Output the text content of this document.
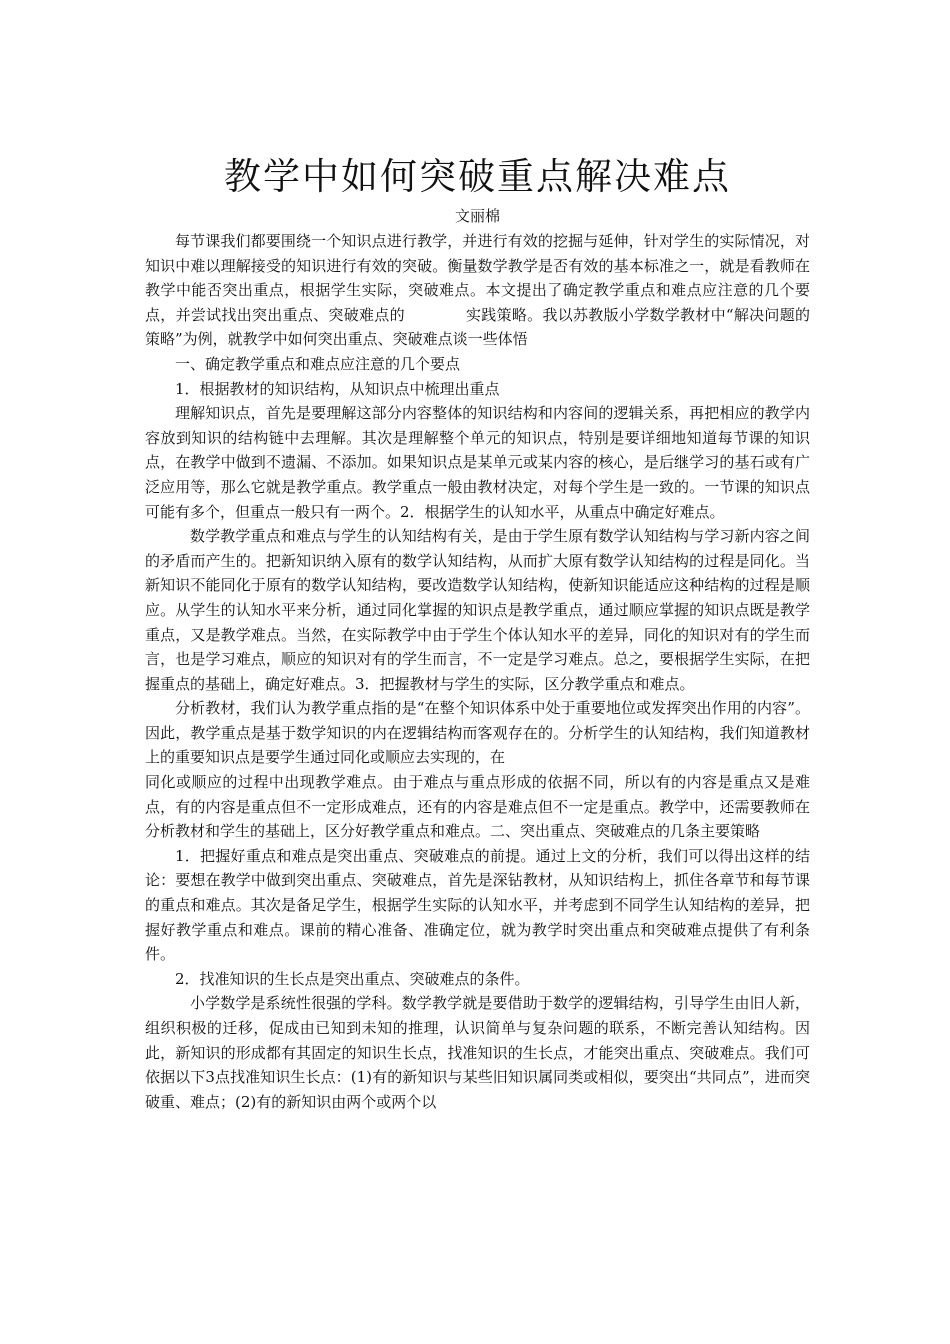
教学中如何突破重点解决难点
文丽棉

每节课我们都要围绕一个知识点进行教学，并进行有效的挖掘与延伸，针对学生的实际情况，对知识中难以理解接受的知识进行有效的突破。衡量数学教学是否有效的基本标准之一，就是看教师在教学中能否突出重点，根据学生实际，突破难点。本文提出了确定教学重点和难点应注意的几个要点，并尝试找出突出重点、突破难点的　　　　实践策略。我以苏教版小学数学教材中“解决问题的策略”为例，就教学中如何突出重点、突破难点谈一些体悟

一、确定教学重点和难点应注意的几个要点

1．根据教材的知识结构，从知识点中梳理出重点

理解知识点，首先是要理解这部分内容整体的知识结构和内容间的逻辑关系，再把相应的教学内容放到知识的结构链中去理解。其次是理解整个单元的知识点，特别是要详细地知道每节课的知识点，在教学中做到不遗漏、不添加。如果知识点是某单元或某内容的核心，是后继学习的基石或有广泛应用等，那么它就是教学重点。教学重点一般由教材决定，对每个学生是一致的。一节课的知识点可能有多个，但重点一般只有一两个。2．根据学生的认知水平，从重点中确定好难点。

数学教学重点和难点与学生的认知结构有关，是由于学生原有数学认知结构与学习新内容之间的矛盾而产生的。把新知识纳入原有的数学认知结构，从而扩大原有数学认知结构的过程是同化。当新知识不能同化于原有的数学认知结构，要改造数学认知结构，使新知识能适应这种结构的过程是顺应。从学生的认知水平来分析，通过同化掌握的知识点是教学重点，通过顺应掌握的知识点既是教学重点，又是教学难点。当然，在实际教学中由于学生个体认知水平的差异，同化的知识对有的学生而言，也是学习难点，顺应的知识对有的学生而言，不一定是学习难点。总之，要根据学生实际，在把握重点的基础上，确定好难点。3．把握教材与学生的实际，区分教学重点和难点。

分析教材，我们认为教学重点指的是“在整个知识体系中处于重要地位或发挥突出作用的内容”。因此，教学重点是基于数学知识的内在逻辑结构而客观存在的。分析学生的认知结构，我们知道教材上的重要知识点是要学生通过同化或顺应去实现的，在

同化或顺应的过程中出现教学难点。由于难点与重点形成的依据不同，所以有的内容是重点又是难点，有的内容是重点但不一定形成难点，还有的内容是难点但不一定是重点。教学中，还需要教师在分析教材和学生的基础上，区分好教学重点和难点。二、突出重点、突破难点的几条主要策略

1．把握好重点和难点是突出重点、突破难点的前提。通过上文的分析，我们可以得出这样的结论：要想在教学中做到突出重点、突破难点，首先是深钻教材，从知识结构上，抓住各章节和每节课的重点和难点。其次是备足学生，根据学生实际的认知水平，并考虑到不同学生认知结构的差异，把握好教学重点和难点。课前的精心准备、准确定位，就为教学时突出重点和突破难点提供了有利条件。

2．找准知识的生长点是突出重点、突破难点的条件。

小学数学是系统性很强的学科。数学教学就是要借助于数学的逻辑结构，引导学生由旧人新，组织积极的迁移，促成由已知到未知的推理，认识简单与复杂问题的联系，不断完善认知结构。因此，新知识的形成都有其固定的知识生长点，找准知识的生长点，才能突出重点、突破难点。我们可依据以下3点找准知识生长点：(1)有的新知识与某些旧知识属同类或相似，要突出“共同点”，进而突破重、难点；(2)有的新知识由两个或两个以
